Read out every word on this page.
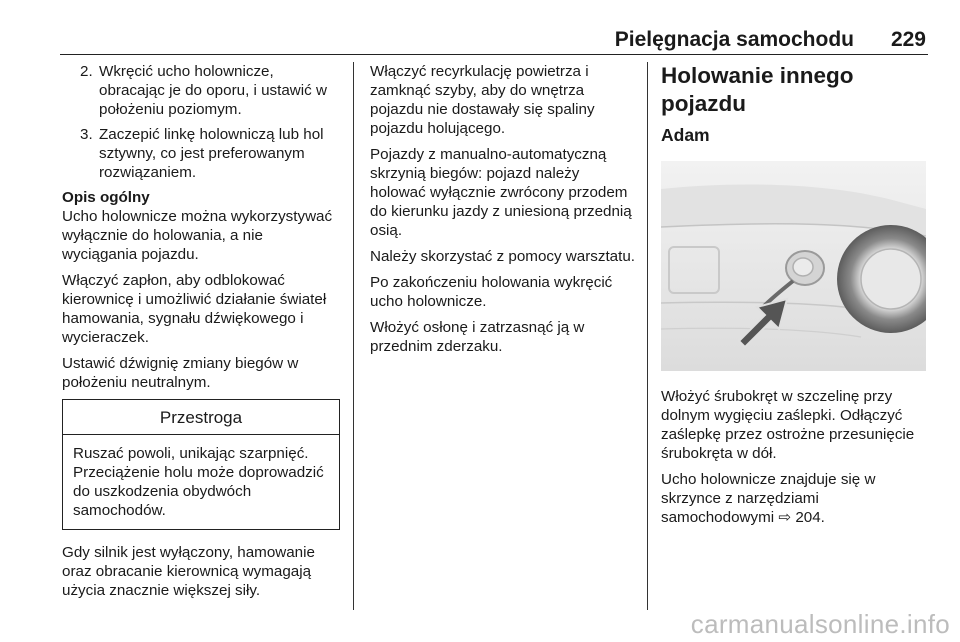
Pielęgnacja samochodu 229
2. Wkręcić ucho holownicze, obracając je do oporu, i ustawić w położeniu poziomym.
3. Zaczepić linkę holowniczą lub hol sztywny, co jest preferowanym rozwiązaniem.

Opis ogólny
Ucho holownicze można wykorzystywać wyłącznie do holowania, a nie wyciągania pojazdu.

Włączyć zapłon, aby odblokować kierownicę i umożliwić działanie świateł hamowania, sygnału dźwiękowego i wycieraczek.

Ustawić dźwignię zmiany biegów w położeniu neutralnym.

Przestroga
Ruszać powoli, unikając szarpnięć. Przeciążenie holu może doprowadzić do uszkodzenia obydwóch samochodów.

Gdy silnik jest wyłączony, hamowanie oraz obracanie kierownicą wymagają użycia znacznie większej siły.

Włączyć recyrkulację powietrza i zamknąć szyby, aby do wnętrza pojazdu nie dostawały się spaliny pojazdu holującego.

Pojazdy z manualno-automatyczną skrzynią biegów: pojazd należy holować wyłącznie zwrócony przodem do kierunku jazdy z uniesioną przednią osią.

Należy skorzystać z pomocy warsztatu.

Po zakończeniu holowania wykręcić ucho holownicze.

Włożyć osłonę i zatrzasnąć ją w przednim zderzaku.

Holowanie innego pojazdu
Adam

Włożyć śrubokręt w szczelinę przy dolnym wygięciu zaślepki. Odłączyć zaślepkę przez ostrożne przesunięcie śrubokręta w dół.

Ucho holownicze znajduje się w skrzynce z narzędziami samochodowymi ⇨ 204.

carmanualsonline.info
